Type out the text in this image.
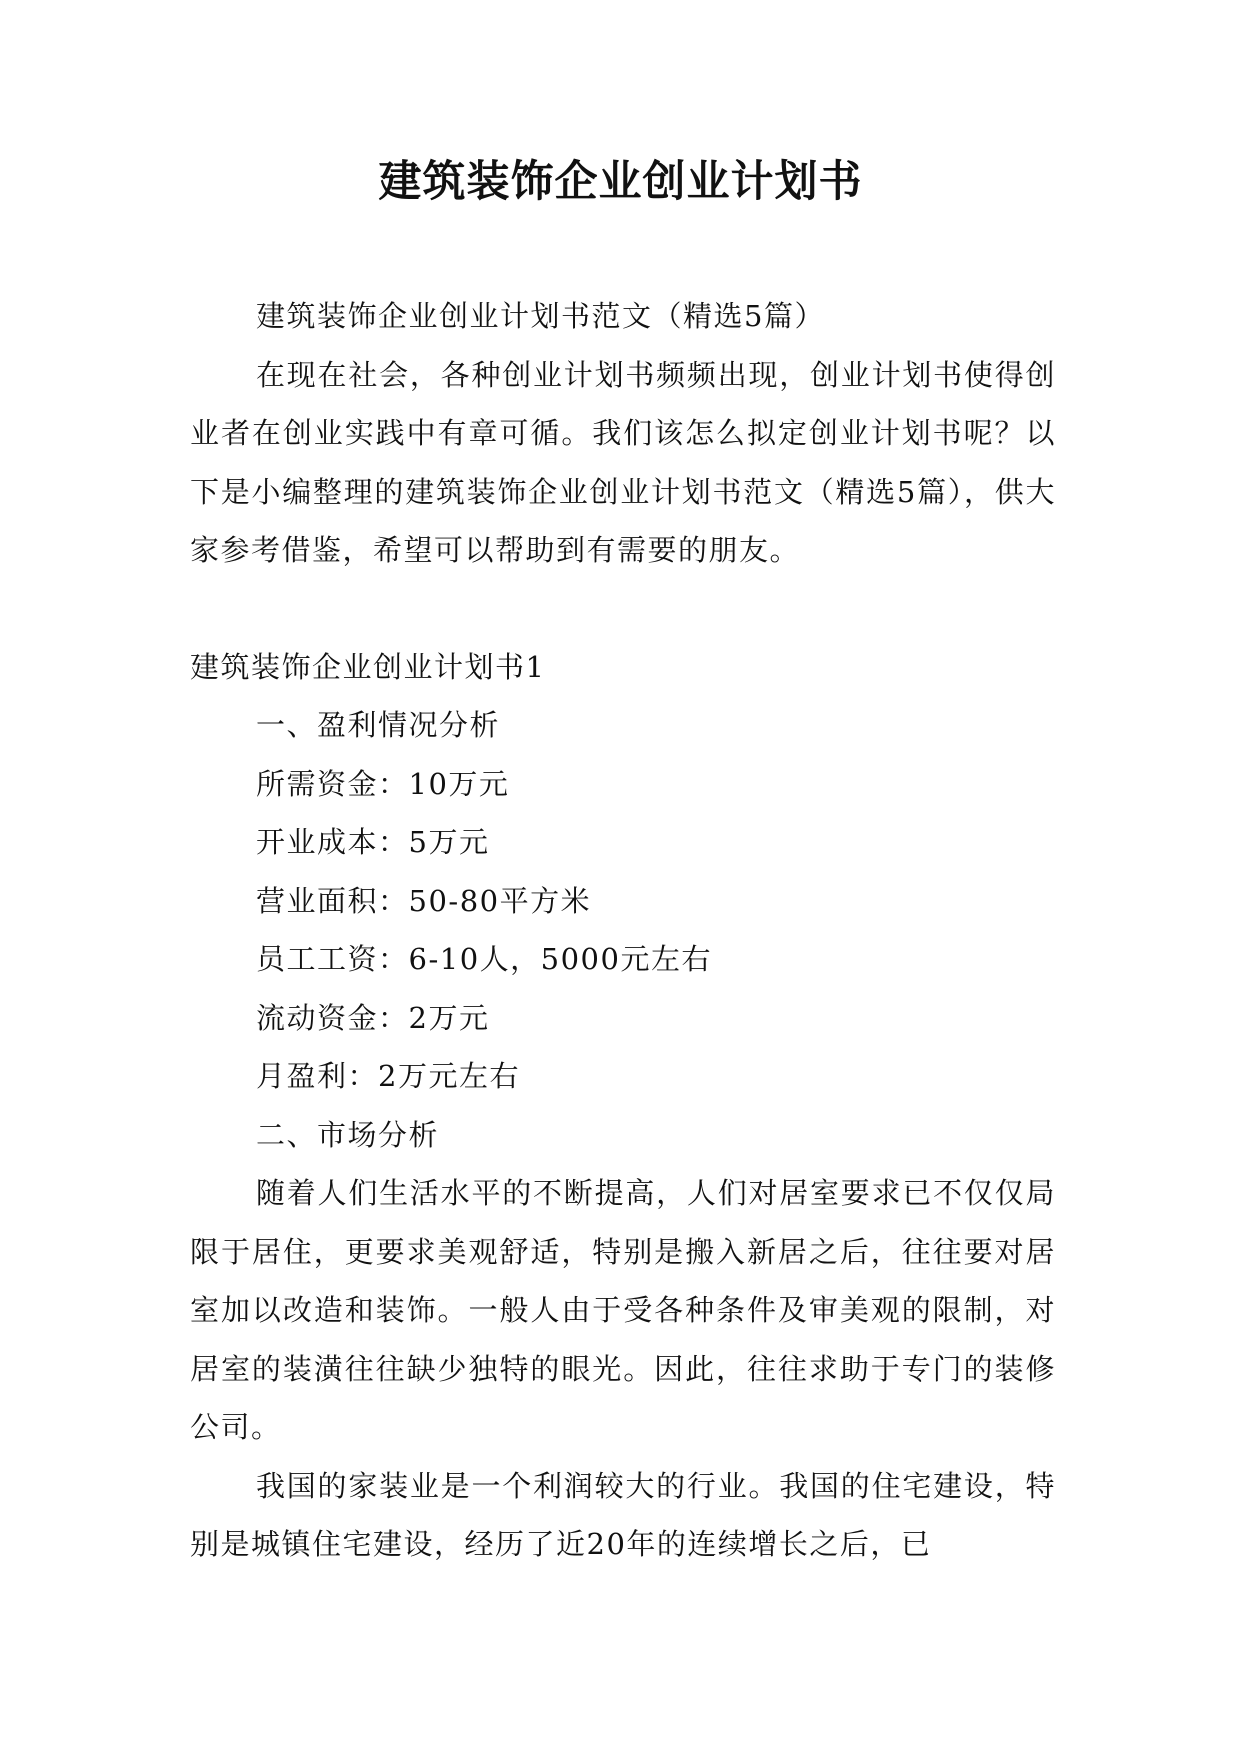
建筑装饰企业创业计划书

建筑装饰企业创业计划书范文（精选5篇）

在现在社会，各种创业计划书频频出现，创业计划书使得创业者在创业实践中有章可循。我们该怎么拟定创业计划书呢？以下是小编整理的建筑装饰企业创业计划书范文（精选5篇），供大家参考借鉴，希望可以帮助到有需要的朋友。

建筑装饰企业创业计划书1

一、盈利情况分析

所需资金：10万元

开业成本：5万元

营业面积：50-80平方米

员工工资：6-10人，5000元左右

流动资金：2万元

月盈利：2万元左右

二、市场分析

随着人们生活水平的不断提高，人们对居室要求已不仅仅局限于居住，更要求美观舒适，特别是搬入新居之后，往往要对居室加以改造和装饰。一般人由于受各种条件及审美观的限制，对居室的装潢往往缺少独特的眼光。因此，往往求助于专门的装修公司。

我国的家装业是一个利润较大的行业。我国的住宅建设，特别是城镇住宅建设，经历了近20年的连续增长之后，已
